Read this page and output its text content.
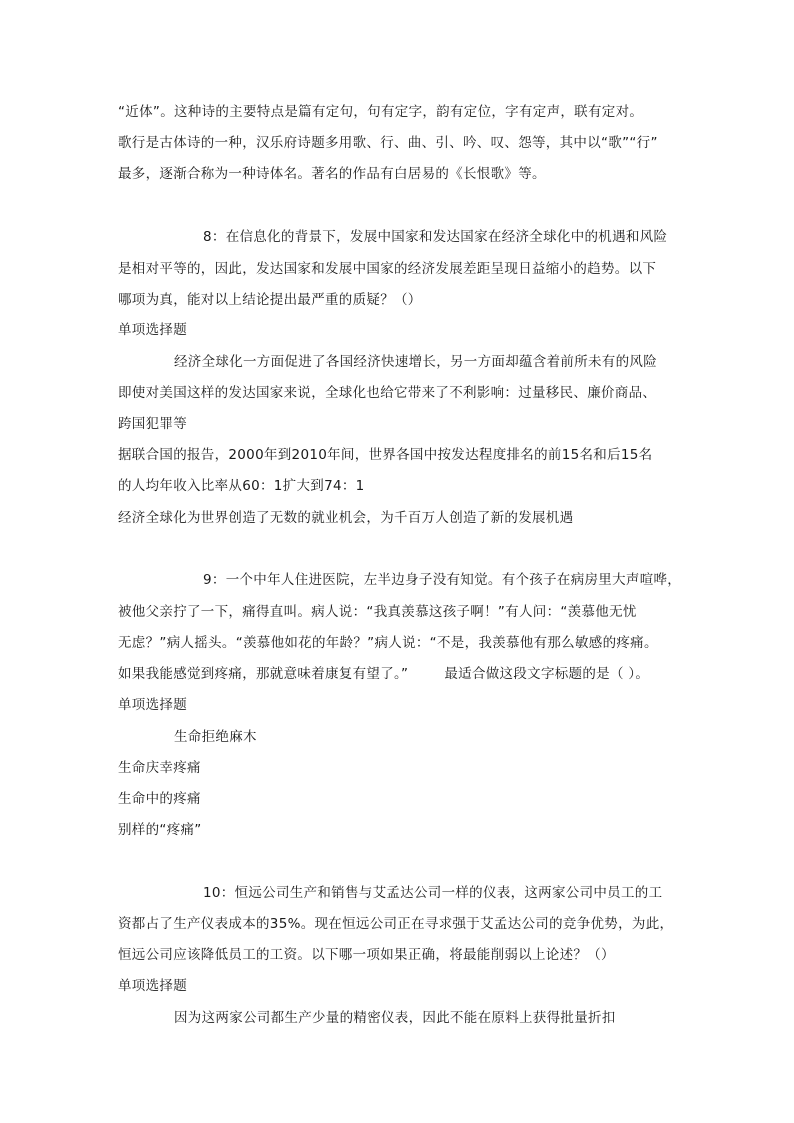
“近体”。这种诗的主要特点是篇有定句，句有定字，韵有定位，字有定声，联有定对。
歌行是古体诗的一种，汉乐府诗题多用歌、行、曲、引、吟、叹、怨等，其中以“歌”“行”
最多，逐渐合称为一种诗体名。著名的作品有白居易的《长恨歌》等。
8：在信息化的背景下，发展中国家和发达国家在经济全球化中的机遇和风险
是相对平等的，因此，发达国家和发展中国家的经济发展差距呈现日益缩小的趋势。以下
哪项为真，能对以上结论提出最严重的质疑？（）
单项选择题
经济全球化一方面促进了各国经济快速增长，另一方面却蕴含着前所未有的风险
即使对美国这样的发达国家来说，全球化也给它带来了不利影响：过量移民、廉价商品、
跨国犯罪等
据联合国的报告，2000年到2010年间，世界各国中按发达程度排名的前15名和后15名
的人均年收入比率从60：1扩大到74：1
经济全球化为世界创造了无数的就业机会，为千百万人创造了新的发展机遇
9：一个中年人住进医院，左半边身子没有知觉。有个孩子在病房里大声喧哗，
被他父亲拧了一下，痛得直叫。病人说：“我真羡慕这孩子啊！”有人问：“羡慕他无忧
无虑？”病人摇头。“羡慕他如花的年龄？”病人说：“不是，我羡慕他有那么敏感的疼痛。
如果我能感觉到疼痛，那就意味着康复有望了。”	最适合做这段文字标题的是（ ）。
单项选择题
生命拒绝麻木
生命庆幸疼痛
生命中的疼痛
别样的“疼痛”
10：恒远公司生产和销售与艾孟达公司一样的仪表，这两家公司中员工的工
资都占了生产仪表成本的35%。现在恒远公司正在寻求强于艾孟达公司的竞争优势，为此，
恒远公司应该降低员工的工资。以下哪一项如果正确，将最能削弱以上论述？（）
单项选择题
因为这两家公司都生产少量的精密仪表，因此不能在原料上获得批量折扣
